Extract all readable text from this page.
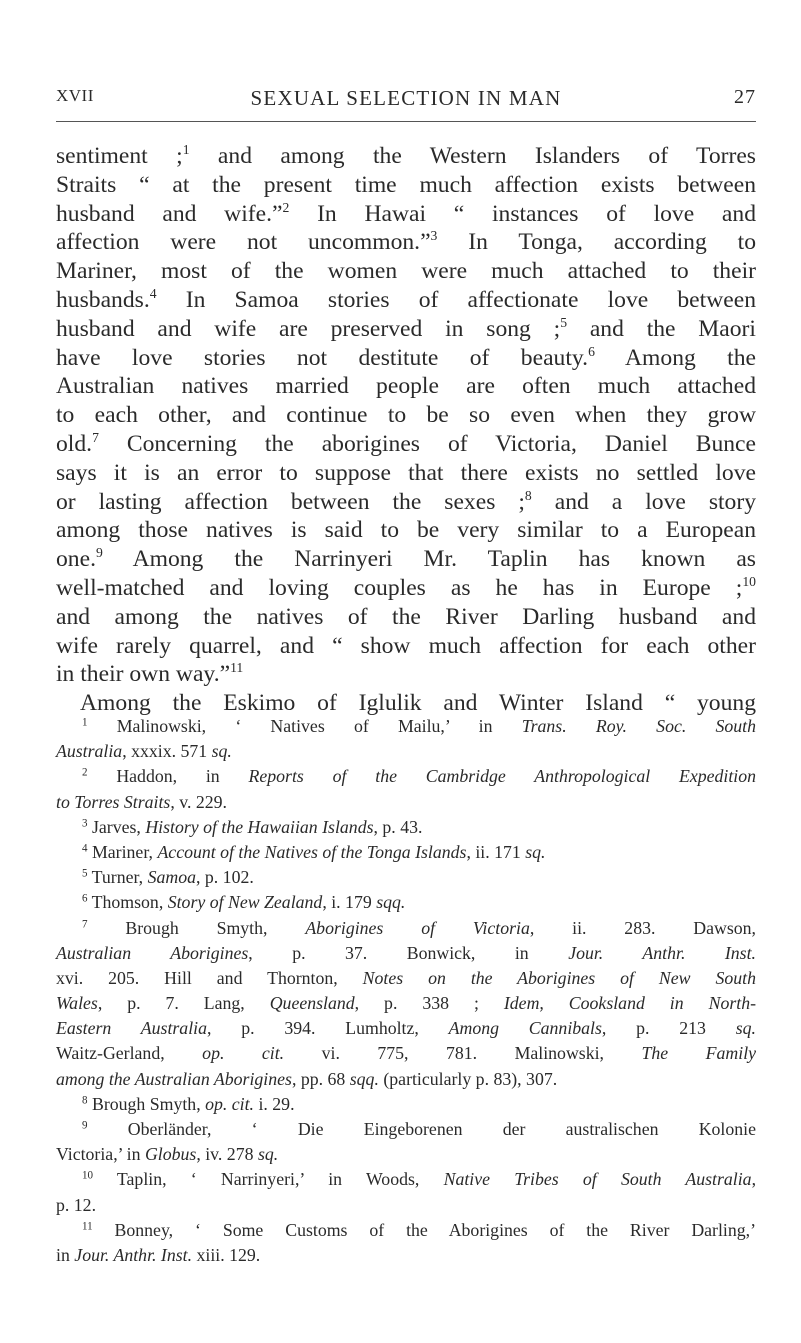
XVII	SEXUAL SELECTION IN MAN	27
sentiment ;$^1$ and among the Western Islanders of Torres
Straits “ at the present time much affection exists between
husband and wife.”$^2$ In Hawai “ instances of love and
affection were not uncommon.”$^3$ In Tonga, according to
Mariner, most of the women were much attached to their
husbands.$^4$ In Samoa stories of affectionate love between
husband and wife are preserved in song ;$^5$ and the Maori
have love stories not destitute of beauty.$^6$ Among the
Australian natives married people are often much attached
to each other, and continue to be so even when they grow
old.$^7$ Concerning the aborigines of Victoria, Daniel Bunce
says it is an error to suppose that there exists no settled love
or lasting affection between the sexes ;$^8$ and a love story
among those natives is said to be very similar to a European
one.$^9$ Among the Narrinyeri Mr. Taplin has known as
well-matched and loving couples as he has in Europe ;$^{10}$
and among the natives of the River Darling husband and
wife rarely quarrel, and “ show much affection for each other
in their own way.”$^{11}$
Among the Eskimo of Iglulik and Winter Island “ young
$^1$ Malinowski, ‘ Natives of Mailu,’ in Trans. Roy. Soc. South
Australia, xxxix. 571 sq.
$^2$ Haddon, in Reports of the Cambridge Anthropological Expedition
to Torres Straits, v. 229.
$^3$ Jarves, History of the Hawaiian Islands, p. 43.
$^4$ Mariner, Account of the Natives of the Tonga Islands, ii. 171 sq.
$^5$ Turner, Samoa, p. 102.
$^6$ Thomson, Story of New Zealand, i. 179 sqq.
$^7$ Brough Smyth, Aborigines of Victoria, ii. 283. Dawson,
Australian Aborigines, p. 37. Bonwick, in Jour. Anthr. Inst.
xvi. 205. Hill and Thornton, Notes on the Aborigines of New South
Wales, p. 7. Lang, Queensland, p. 338 ; Idem, Cooksland in North-
Eastern Australia, p. 394. Lumholtz, Among Cannibals, p. 213 sq.
Waitz-Gerland, op. cit. vi. 775, 781. Malinowski, The Family
among the Australian Aborigines, pp. 68 sqq. (particularly p. 83), 307.
$^8$ Brough Smyth, op. cit. i. 29.
$^9$ Oberländer, ‘ Die Eingeborenen der australischen Kolonie
Victoria,’ in Globus, iv. 278 sq.
$^{10}$ Taplin, ‘ Narrinyeri,’ in Woods, Native Tribes of South Australia,
p. 12.
$^{11}$ Bonney, ‘ Some Customs of the Aborigines of the River Darling,’
in Jour. Anthr. Inst. xiii. 129.
